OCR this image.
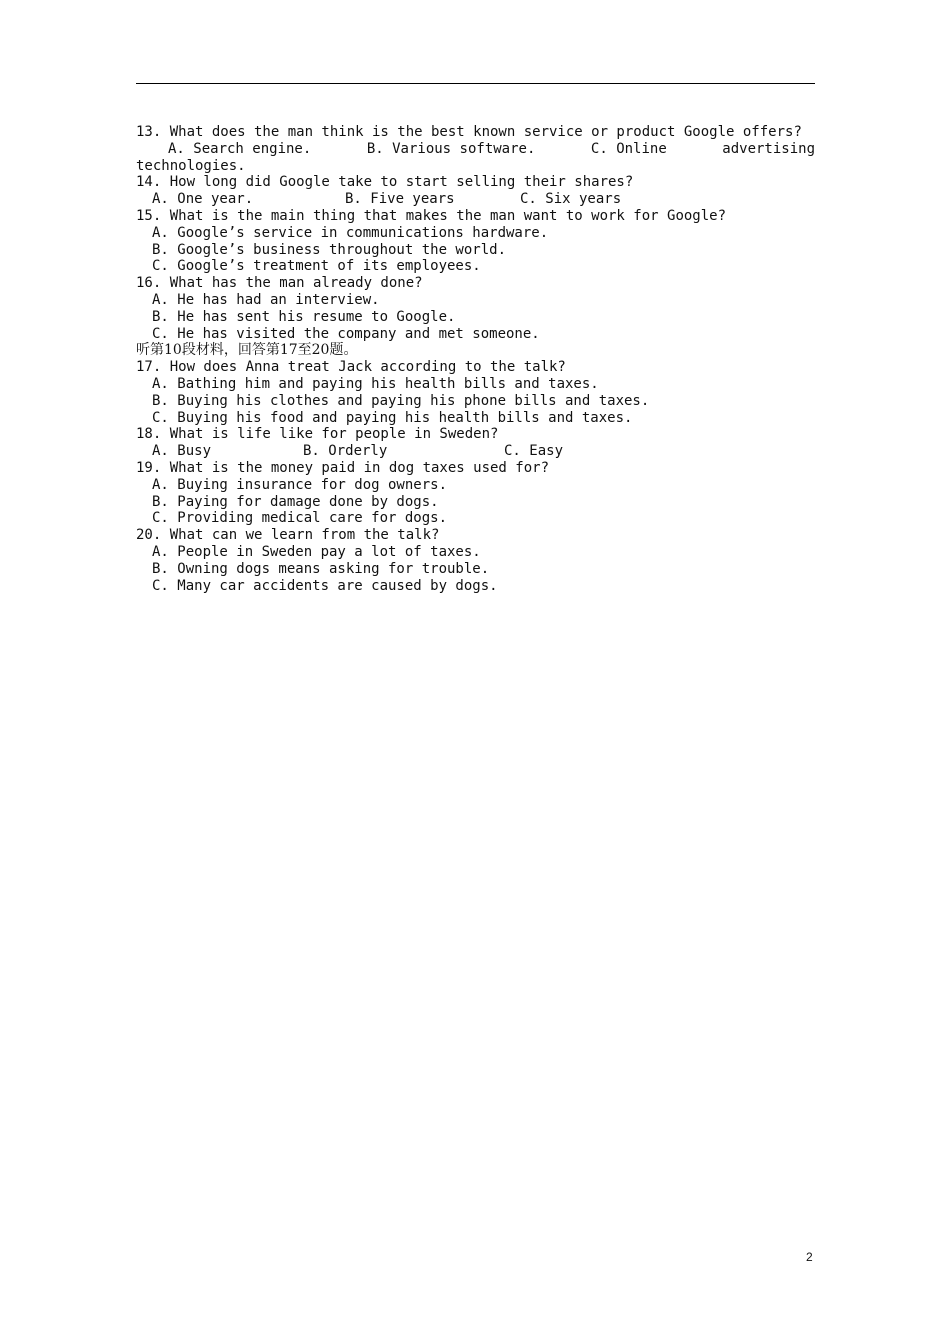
13. What does the man think is the best known service or product Google offers?
A. Search engine.	B. Various software.	C. Online	advertising
technologies.
14. How long did Google take to start selling their shares?
A. One year.	B. Five years	C. Six years
15. What is the main thing that makes the man want to work for Google?
A. Google’s service in communications hardware.
B. Google’s business throughout the world.
C. Google’s treatment of its employees.
16. What has the man already done?
A. He has had an interview.
B. He has sent his resume to Google.
C. He has visited the company and met someone.
听第10段材料，回答第17至20题。
17. How does Anna treat Jack according to the talk?
A. Bathing him and paying his health bills and taxes.
B. Buying his clothes and paying his phone bills and taxes.
C. Buying his food and paying his health bills and taxes.
18. What is life like for people in Sweden?
A. Busy	B. Orderly	C. Easy
19. What is the money paid in dog taxes used for?
A. Buying insurance for dog owners.
B. Paying for damage done by dogs.
C. Providing medical care for dogs.
20. What can we learn from the talk?
A. People in Sweden pay a lot of taxes.
B. Owning dogs means asking for trouble.
C. Many car accidents are caused by dogs.
2
